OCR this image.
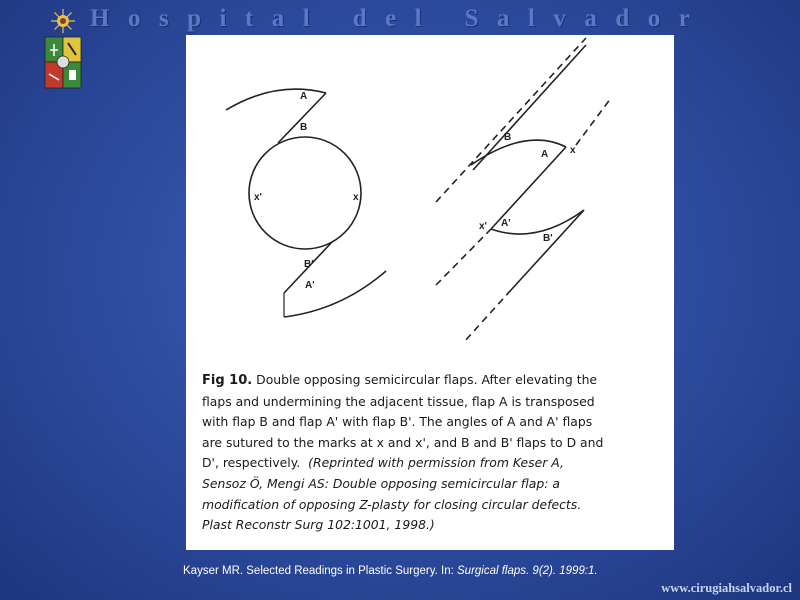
H o s p i t a l d e l S a l v a d o r
A
B
x'	x
B'
A'
B
A x
x' A'
B'
Fig 10. Double opposing semicircular flaps. After elevating the
flaps and undermining the adjacent tissue, flap A is transposed
with flap B and flap A' with flap B'. The angles of A and A' flaps
are sutured to the marks at x and x', and B and B' flaps to D and
D', respectively. (Reprinted with permission from Keser A,
Sensoz Ö, Mengi AS: Double opposing semicircular flap: a
modification of opposing Z-plasty for closing circular defects.
Plast Reconstr Surg 102:1001, 1998.)
Kayser MR. Selected Readings in Plastic Surgery. In: Surgical flaps. 9(2). 1999:1.
www.cirugiahsalvador.cl
